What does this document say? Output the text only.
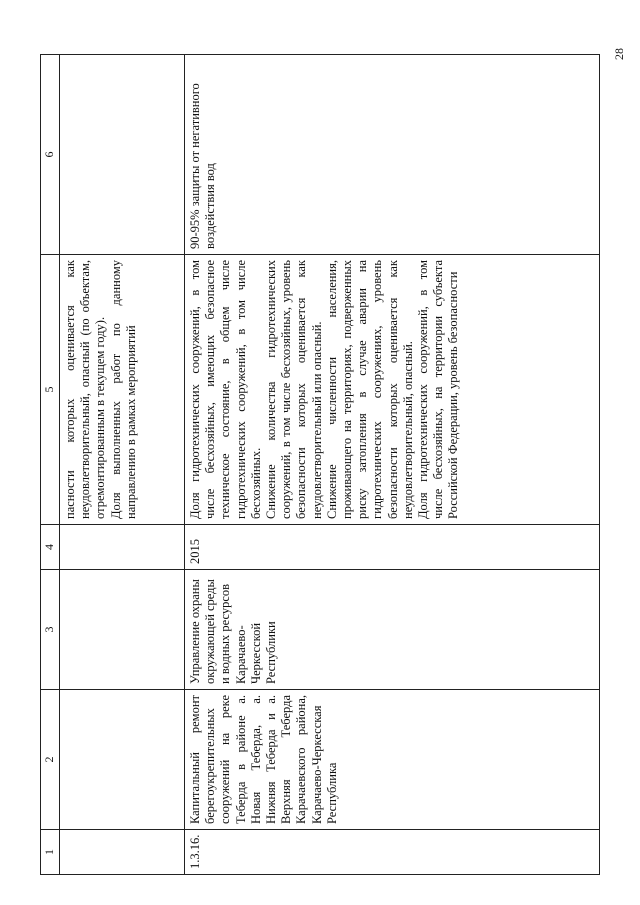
28
1	2	3	4	5	6

				пасности которых оценивается как неудовлетворительный, опасный (по объектам, отремонтированным в текущем году).
Доля выполненных работ по данному направлению в рамках мероприятий	

1.3.16.	Капитальный ремонт берегоукрепительных сооружений на реке Теберда в районе а. Новая Теберда, а. Нижняя Теберда и а. Верхняя Теберда Карачаевского района, Карачаево-Черкесская Республика	Управление охраны окружающей среды и водных ресурсов Карачаево-Черкесской Республики	2015	Доля гидротехнических сооружений, в том числе бесхозяйных, имеющих безопасное техническое состояние, в общем числе гидротехнических сооружений, в том числе бесхозяйных. Снижение количества гидротехнических сооружений, в том числе бесхозяйных, уровень безопасности которых оценивается как неудовлетворительный или опасный. Снижение численности населения, проживающего на территориях, подверженных риску затопления в случае аварии на гидротехнических сооружениях, уровень безопасности которых оценивается как неудовлетворительный, опасный. Доля гидротехнических сооружений, в том числе бесхозяйных, на территории субъекта Российской Федерации, уровень безопасности	90-95% защиты от негативного воздействия вод
